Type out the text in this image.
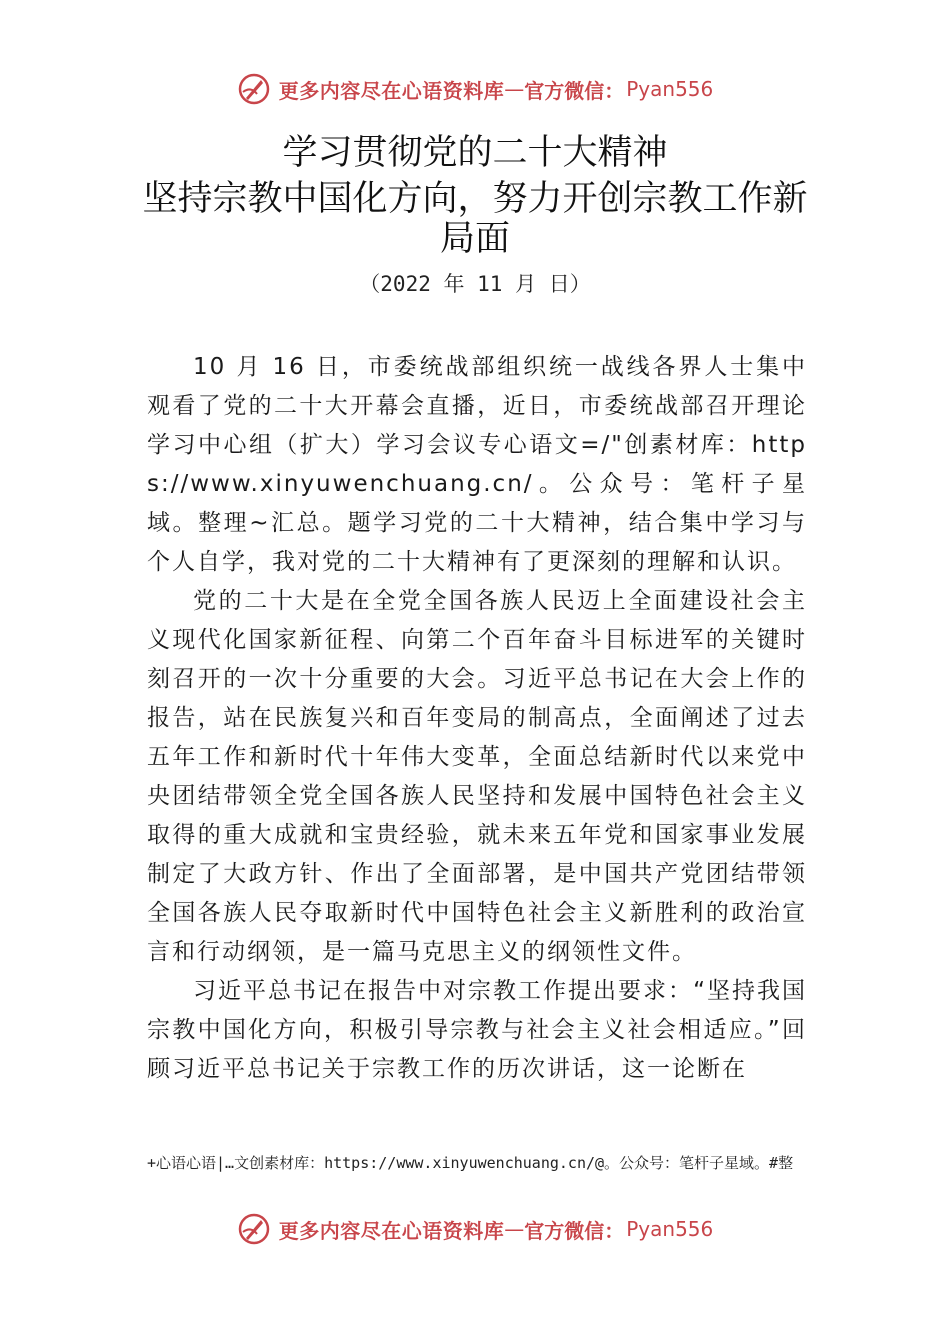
更多内容尽在心语资料库 — 官方微信： Pyan556
学习贯彻党的二十大精神
坚持宗教中国化方向，努力开创宗教工作新
局面
（2022 年 11 月 日）

10 月 16 日，市委统战部组织统一战线各界人士集中观看了党的二十大开幕会直播，近日，市委统战部召开理论学习中心组（扩大）学习会议专心语文=/"创素材库：https://www.xinyuwenchuang.cn/。公众号：笔杆子星域。整理~汇总。题学习党的二十大精神，结合集中学习与个人自学，我对党的二十大精神有了更深刻的理解和认识。

党的二十大是在全党全国各族人民迈上全面建设社会主义现代化国家新征程、向第二个百年奋斗目标进军的关键时刻召开的一次十分重要的大会。习近平总书记在大会上作的报告，站在民族复兴和百年变局的制高点，全面阐述了过去五年工作和新时代十年伟大变革，全面总结新时代以来党中央团结带领全党全国各族人民坚持和发展中国特色社会主义取得的重大成就和宝贵经验，就未来五年党和国家事业发展制定了大政方针、作出了全面部署，是中国共产党团结带领全国各族人民夺取新时代中国特色社会主义新胜利的政治宣言和行动纲领，是一篇马克思主义的纲领性文件。

习近平总书记在报告中对宗教工作提出要求：“坚持我国宗教中国化方向，积极引导宗教与社会主义社会相适应。”回顾习近平总书记关于宗教工作的历次讲话，这一论断在

+心语心语|…文创素材库：https://www.xinyuwenchuang.cn/@。公众号：笔杆子星域。#整
更多内容尽在心语资料库 — 官方微信： Pyan556
